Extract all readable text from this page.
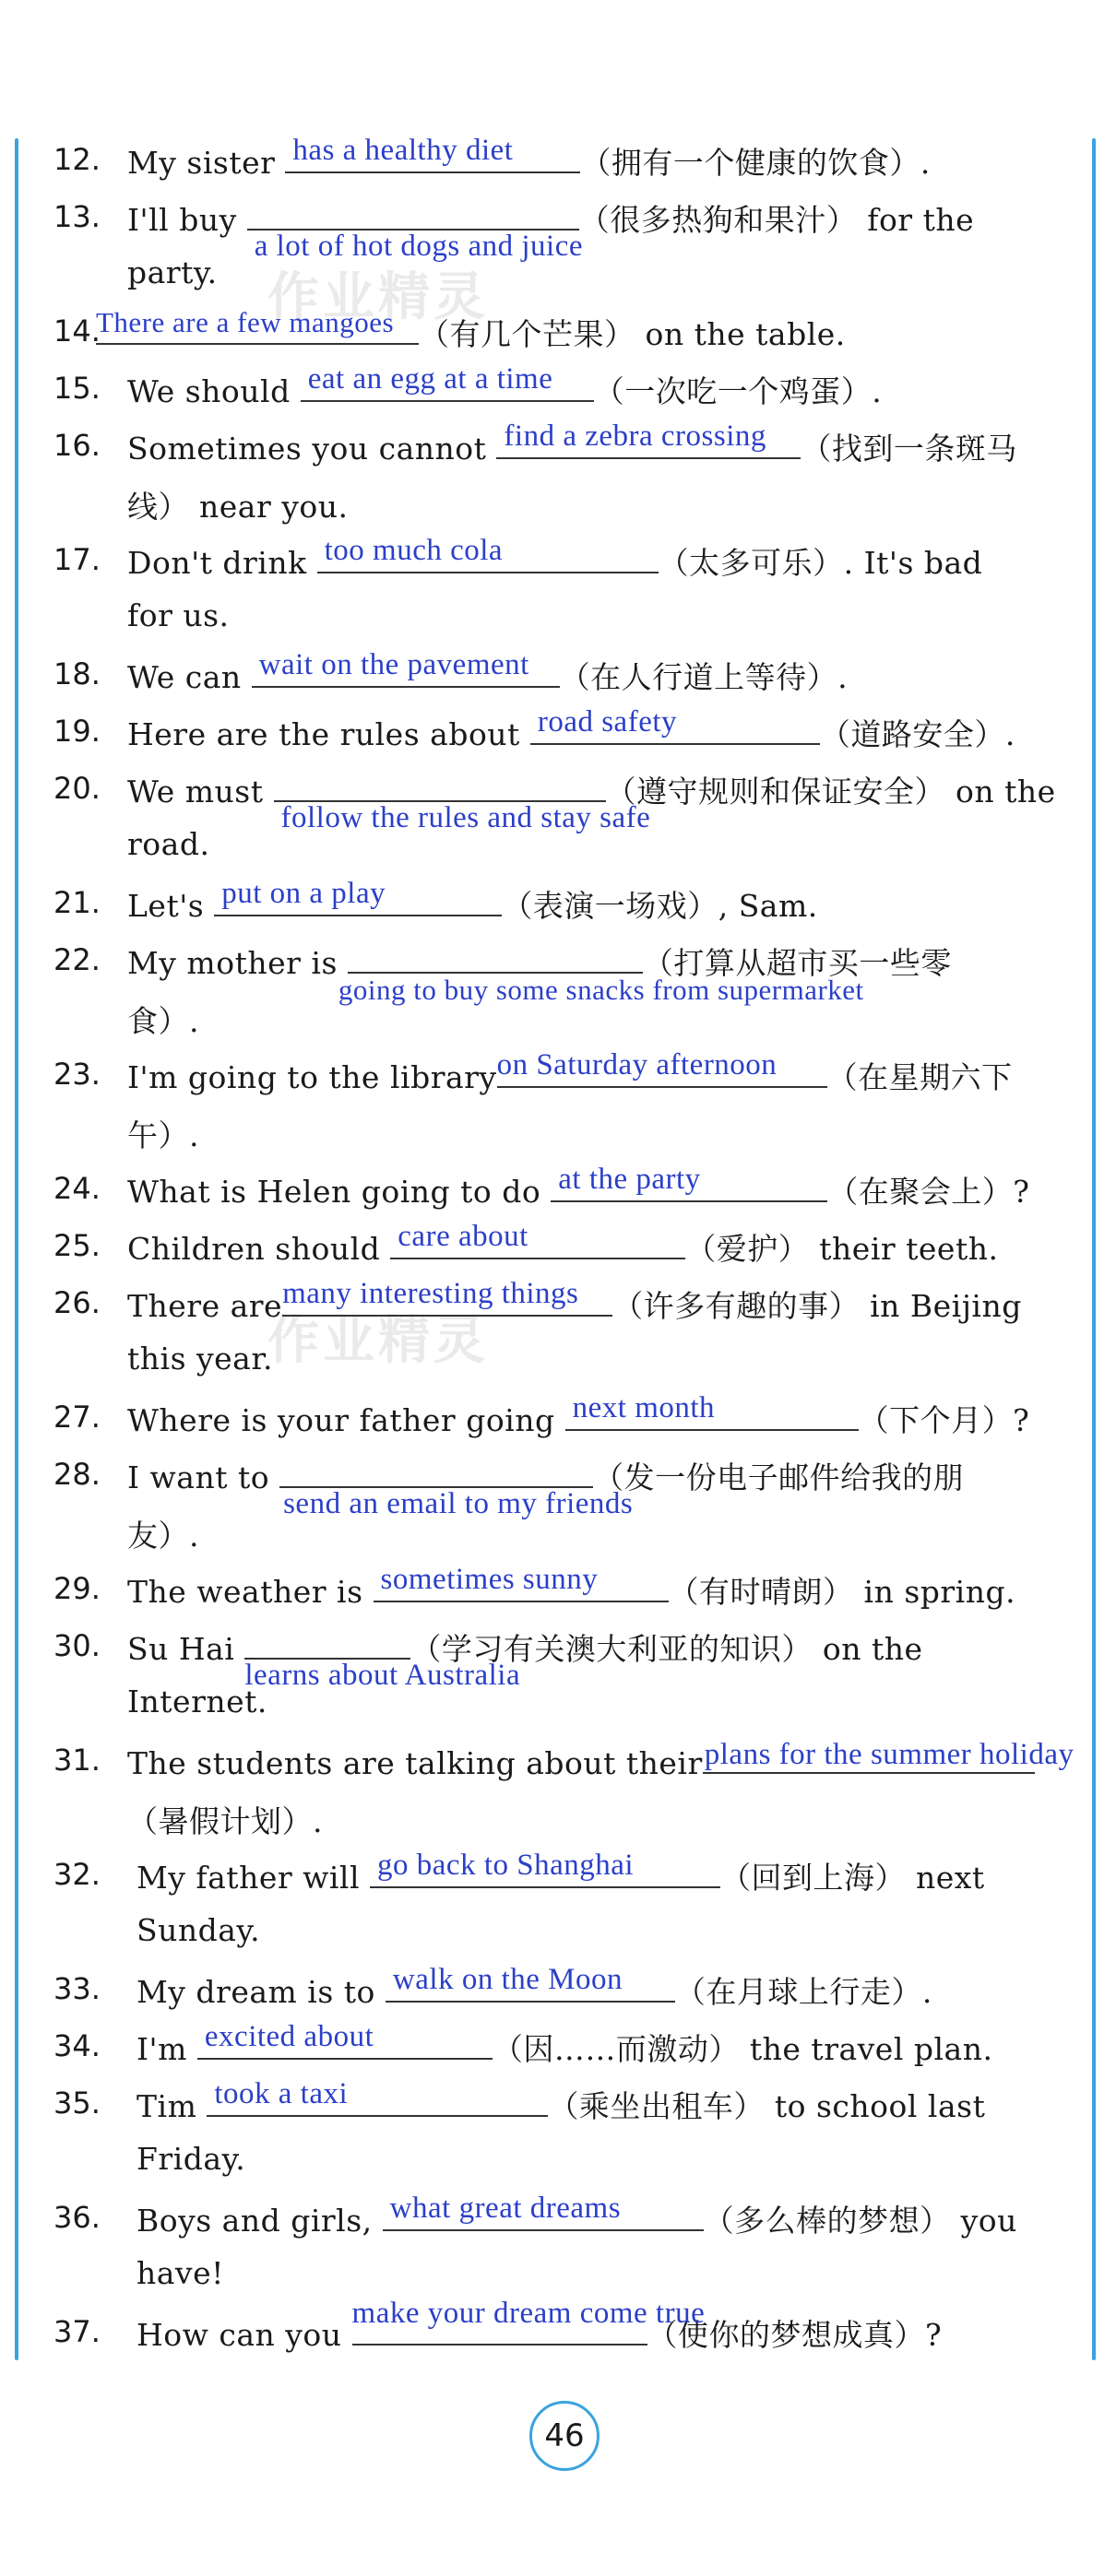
作业精灵
作业精灵
12. My sister has a healthy diet （拥有一个健康的饮食）.
13. I'll buy
a lot of hot dogs and juice
（很多热狗和果汁） for the
party.
14.
There are a few mangoes （有几个芒果） on the table.
15. We should eat an egg at a time （一次吃一个鸡蛋）.
16. Sometimes you cannot find a zebra crossing （找到一条斑马
线） near you.
17. Don't drink too much cola	（太多可乐）. It's bad
for us.
18. We can wait on the pavement （在人行道上等待）.
19. Here are the rules about road safety	（道路安全）.
20. We must
follow the rules and stay safe
（遵守规则和保证安全） on the
road.
21. Let's put on a play	（表演一场戏）, Sam.
22. My mother is
going to buy some snacks from supermarket
（打算从超市买一些零
食）.
23. I'm going to the library on Saturday afternoon （在星期六下
午）.
24. What is Helen going to do at the party	（在聚会上）?
25. Children should care about	（爱护） their teeth.
26. There are many interesting things （许多有趣的事） in Beijing
this year.
27. Where is your father going next month	（下个月）?
28. I want to
send an email to my friends
（发一份电子邮件给我的朋
友）.
29. The weather is sometimes sunny （有时晴朗） in spring.
30. Su Hai
learns about Australia
（学习有关澳大利亚的知识） on the
Internet.
31. The students are talking about their plans for the summer holiday
（暑假计划）.
32. My father will go back to Shanghai	（回到上海） next
Sunday.
33. My dream is to walk on the Moon （在月球上行走）.
34. I'm excited about	（因……而激动） the travel plan.
35. Tim took a taxi	（乘坐出租车） to school last
Friday.
36. Boys and girls, what great dreams	（多么棒的梦想） you
have!
37. How can you
make your dream come true
（使你的梦想成真）?
46
